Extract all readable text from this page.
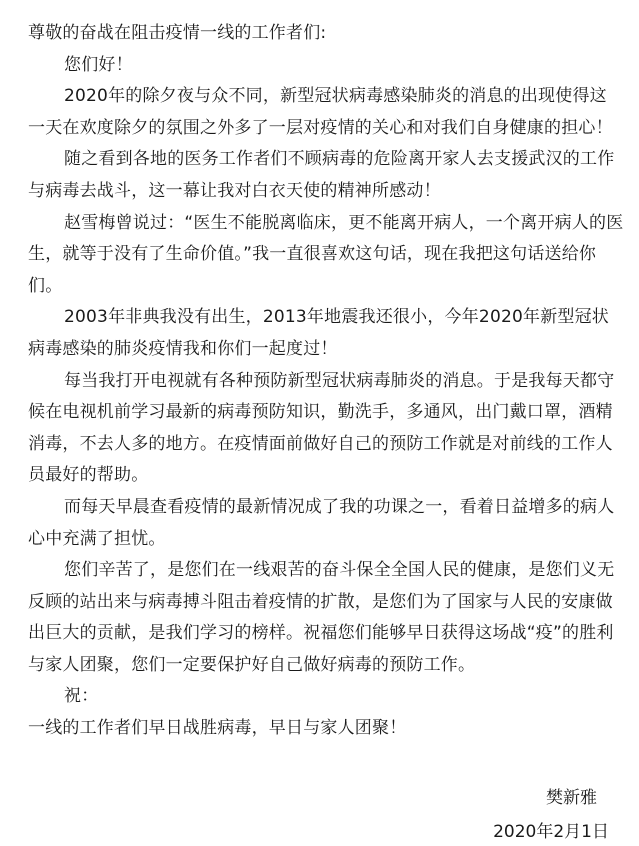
尊敬的奋战在阻击疫情一线的工作者们:

您们好！

2020年的除夕夜与众不同，新型冠状病毒感染肺炎的消息的出现使得这一天在欢度除夕的氛围之外多了一层对疫情的关心和对我们自身健康的担心！

随之看到各地的医务工作者们不顾病毒的危险离开家人去支援武汉的工作与病毒去战斗，这一幕让我对白衣天使的精神所感动！

赵雪梅曾说过：“医生不能脱离临床，更不能离开病人，一个离开病人的医生，就等于没有了生命价值。”我一直很喜欢这句话，现在我把这句话送给你们。

2003年非典我没有出生，2013年地震我还很小，今年2020年新型冠状病毒感染的肺炎疫情我和你们一起度过！

每当我打开电视就有各种预防新型冠状病毒肺炎的消息。于是我每天都守候在电视机前学习最新的病毒预防知识，勤洗手，多通风，出门戴口罩，酒精消毒，不去人多的地方。在疫情面前做好自己的预防工作就是对前线的工作人员最好的帮助。

而每天早晨查看疫情的最新情况成了我的功课之一，看着日益增多的病人心中充满了担忧。

您们辛苦了，是您们在一线艰苦的奋斗保全全国人民的健康，是您们义无反顾的站出来与病毒搏斗阻击着疫情的扩散，是您们为了国家与人民的安康做出巨大的贡献，是我们学习的榜样。祝福您们能够早日获得这场战“疫”的胜利与家人团聚，您们一定要保护好自己做好病毒的预防工作。

祝：

一线的工作者们早日战胜病毒，早日与家人团聚！

樊新雅
2020年2月1日
